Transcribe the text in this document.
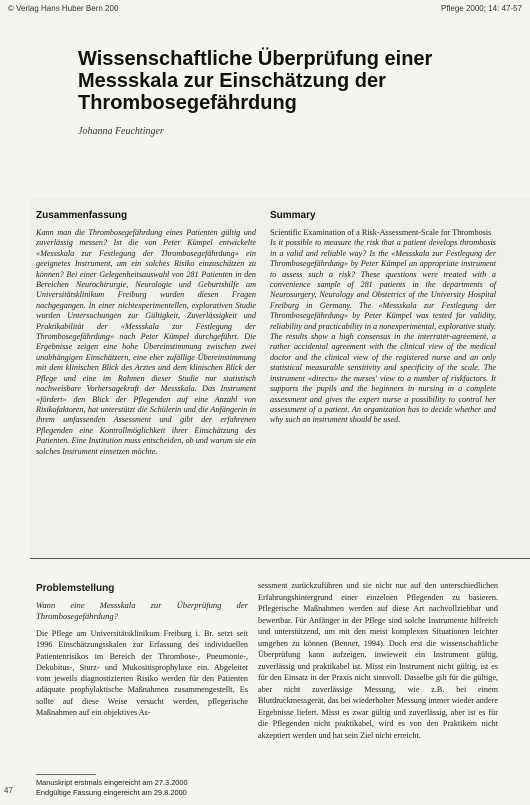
© Verlag Hans Huber Bern 200	Pflege 2000; 14: 47-57
Wissenschaftliche Überprüfung einer Messskala zur Einschätzung der Thrombosegefährdung
Johanna Feuchtinger
Zusammenfassung	Summary

Kann man die Thrombosegefährdung eines Patienten gültig und zuverlässig messen? Ist die von Peter Kümpel entwickelte «Messskala zur Festlegung der Thrombosegefährdung» ein geeignetes Instrument, um ein solches Risiko einzuschätzen zu können? Bei einer Gelegenheitsauswahl von 281 Patienten in den Bereichen Neurochirurgie, Neurologie und Geburtshilfe am Universitätsklinikum Freiburg wurden diesen Fragen nachgegangen. In einer nichtexperimentellen, explorativen Studie wurden Untersuchungen zur Gültigkeit, Zuverlässigkeit und Praktikabilität der «Messskala zur Festlegung der Thrombosegefährdung» nach Peter Kümpel durchgeführt. Die Ergebnisse zeigen eine hohe Übereinstimmung zwischen zwei unabhängigen Einschätzern, eine eher zufällige Übereinstimmung mit dem klinischen Blick des Arztes und dem klinischen Blick der Pflege und eine im Rahmen dieser Studie nur statistisch nachweisbare Vorhersagekraft der Messskala. Das Instrument «fördert» den Blick der Pflegenden auf eine Anzahl von Risikofaktoren, hat unterstützt die Schülerin und die Anfängerin in ihrem umfassenden Assessment und gibt der erfahrenen Pflegenden eine Kontrollmöglichkeit ihrer Einschätzung des Patienten. Eine Institution muss entscheiden, ob und warum sie ein solches Instrument einsetzen möchte.

Scientific Examination of a Risk-Assessment-Scale for Thrombosis

Is it possible to measure the risk that a patient develops thrombosis in a valid and reliable way? Is the «Messskala zur Festlegung der Thrombosegefährdung» by Peter Kümpel an appropriate instrument to assess such a risk? These questions were treated with a convenience sample of 281 patients in the departments of Neurosurgery, Neurology and Obstetrics of the University Hospital Freiburg in Germany. The «Messskala zur Festlegung der Thrombosegefährdung» by Peter Kümpel was tested for validity, reliability and practicability in a nonexperimental, explorative study. The results show a high consensus in the interrater-agreement, a rather accidental agreement with the clinical view of the medical doctor and the clinical view of the registered nurse and an only statistical measurable sensitivity and specificity of the scale. The instrument «directs» the nurses' view to a number of riskfactors. It supports the pupils and the beginners in nursing in a complete assessment and gives the expert nurse a possibility to control her assessment of a patient. An organization has to decide whether and why such an instrument should be used.

Problemstellung
Wann eine Messskala zur Überprüfung der Thrombosegefährdung?
Die Pflege am Universitätsklinikum Freiburg i. Br. setzt seit 1996 Einschätzungsskalen zur Erfassung des individuellen Patientenrisikos im Bereich der Thrombose-, Pneumonie-, Dekubitus-, Sturz- und Mukositisprophylaxe ein. Abgeleitet vom jeweils diagnostizierten Risiko werden für den Patienten adäquate prophylaktische Maßnahmen zusammengestellt. Es sollte auf diese Weise versucht werden, pflegerische Maßnahmen auf ein objektives As-
sessment zurückzuführen und sie nicht nur auf den unterschiedlichen Erfahrungshintergrund einer einzelnen Pflegenden zu basieren. Pflegerische Maßnahmen werden auf diese Art nachvollziehbar und bewertbar. Für Anfänger in der Pflege sind solche Instrumente hilfreich und unterstützend, um mit den meist komplexen Situationen leichter umgehen zu können (Benner, 1994). Doch erst die wissenschaftliche Überprüfung kann aufzeigen, inwieweit ein Instrument gültig, zuverlässig und praktikabel ist. Misst ein Instrument nicht gültig, ist es für den Einsatz in der Praxis nicht sinnvoll. Dasselbe gilt für die gültige, aber nicht zuverlässige Messung, wie z.B. bei einem Blutdruckmessgerät, das bei wiederholter Messung immer wieder andere Ergebnisse liefert. Misst es zwar gültig und zuverlässig, aber ist es für die Pflegenden nicht praktikabel, wird es von den Praktikern nicht akzeptiert werden und hat sein Ziel nicht erreicht.
Manuskript erstmals eingereicht am 27.3.2000
Endgültige Fassung eingereicht am 29.8.2000
47
